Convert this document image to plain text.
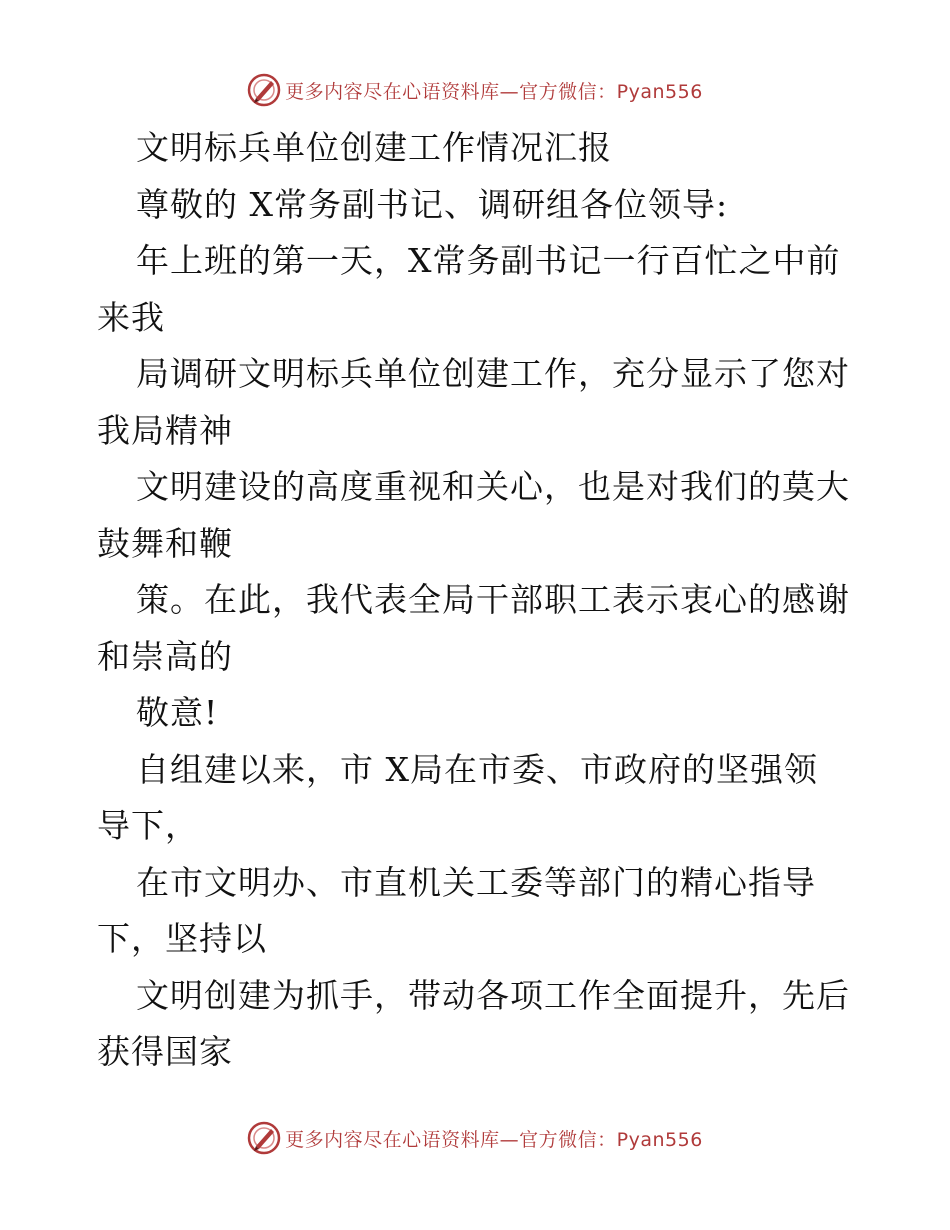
更多内容尽在心语资料库—官方微信：Pyan556
文明标兵单位创建工作情况汇报
尊敬的 X常务副书记、调研组各位领导:
年上班的第一天，X常务副书记一行百忙之中前
来我
局调研文明标兵单位创建工作，充分显示了您对
我局精神
文明建设的高度重视和关心，也是对我们的莫大
鼓舞和鞭
策。在此，我代表全局干部职工表示衷心的感谢
和崇高的
敬意!
自组建以来，市 X局在市委、市政府的坚强领
导下，
在市文明办、市直机关工委等部门的精心指导
下，坚持以
文明创建为抓手，带动各项工作全面提升，先后
获得国家
更多内容尽在心语资料库—官方微信：Pyan556
